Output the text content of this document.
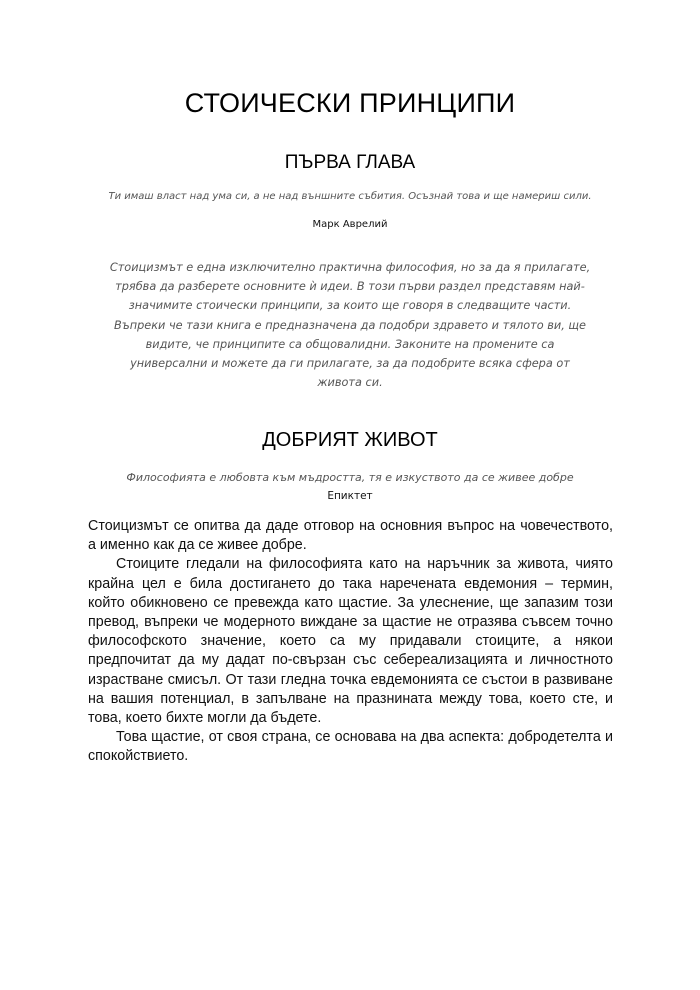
СТОИЧЕСКИ ПРИНЦИПИ
ПЪРВА ГЛАВА

Ти имаш власт над ума си, а не над външните събития. Осъзнай това и ще намериш сили.

Марк Аврелий

Стоицизмът е една изключително практична философия, но за да я прилагате, трябва да разберете основните ѝ идеи. В този първи раздел представям най-значимите стоически принципи, за които ще говоря в следващите части. Въпреки че тази книга е предназначена да подобри здравето и тялото ви, ще видите, че принципите са общовалидни. Законите на промените са универсални и можете да ги прилагате, за да подобрите всяка сфера от живота си.

ДОБРИЯТ ЖИВОТ

Философията е любовта към мъдростта, тя е изкуството да се живее добре

Епиктет

Стоицизмът се опитва да даде отговор на основния въпрос на човечеството, а именно как да се живее добре.

Стоиците гледали на философията като на наръчник за живота, чиято крайна цел е била достигането до така наречената евдемония – термин, който обикновено се превежда като щастие. За улеснение, ще запазим този превод, въпреки че модерното виждане за щастие не отразява съвсем точно философското значение, което са му придавали стоиците, а някои предпочитат да му дадат по-свързан със себереализацията и личностното израстване смисъл. От тази гледна точка евдемонията се състои в развиване на вашия потенциал, в запълване на празнината между това, което сте, и това, което бихте могли да бъдете.

Това щастие, от своя страна, се основава на два аспекта: добродетелта и спокойствието.
